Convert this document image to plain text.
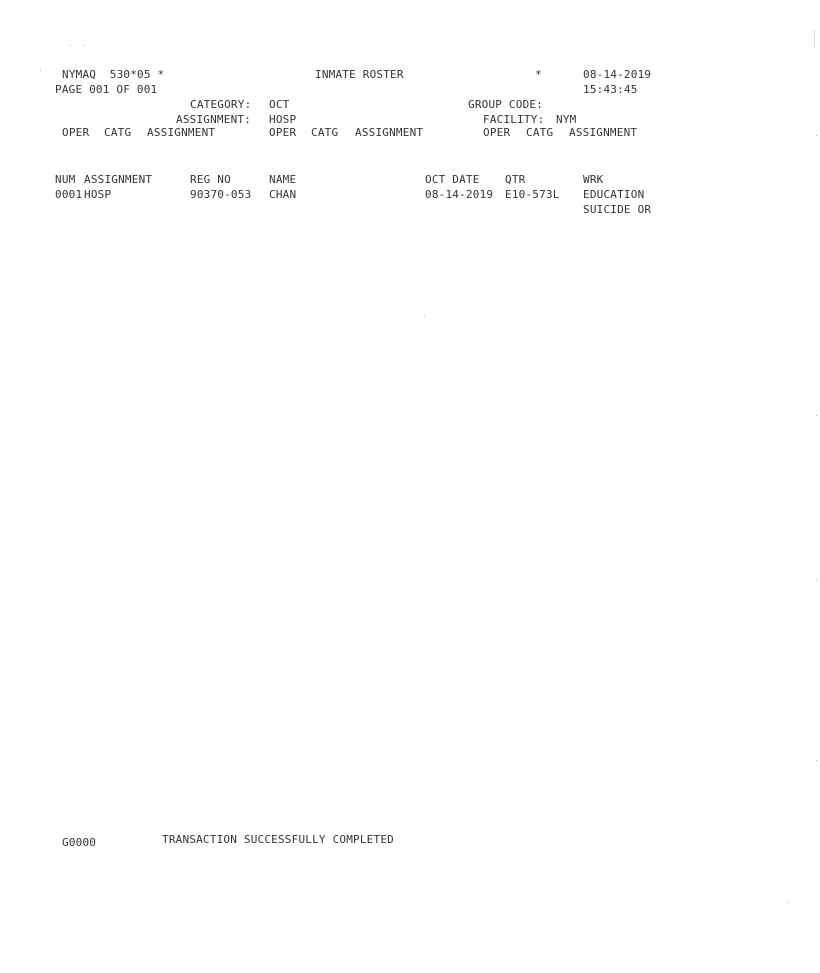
NYMAQ  530*05 *	INMATE ROSTER	*	08-14-2019
PAGE 001 OF 001	15:43:45
CATEGORY: OCT	GROUP CODE:
ASSIGNMENT: HOSP	FACILITY: NYM
OPER CATG ASSIGNMENT	OPER CATG ASSIGNMENT	OPER CATG ASSIGNMENT
NUM ASSIGNMENT	REG NO	NAME	OCT DATE QTR	WRK
0001 HOSP	90370-053 CHAN	08-14-2019 E10-573L EDUCATION
SUICIDE OR
G0000	TRANSACTION SUCCESSFULLY COMPLETED
